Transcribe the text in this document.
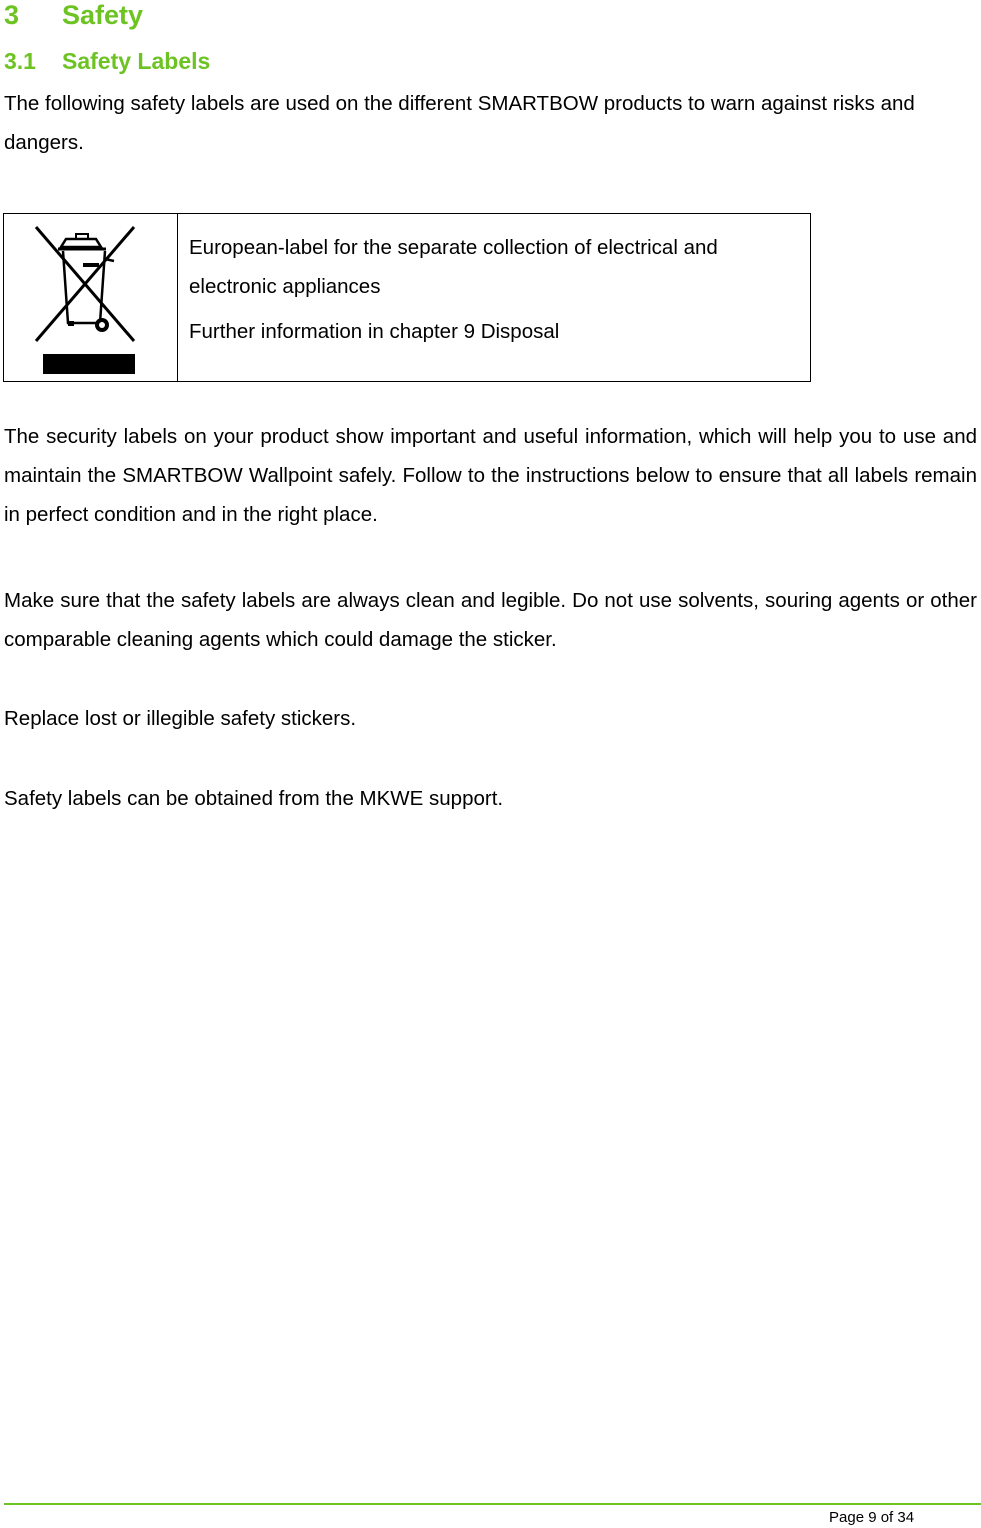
3 Safety
3.1 Safety Labels

The following safety labels are used on the different SMARTBOW products to warn against risks and dangers.

European-label for the separate collection of electrical and electronic appliances
Further information in chapter 9 Disposal

The security labels on your product show important and useful information, which will help you to use and maintain the SMARTBOW Wallpoint safely. Follow to the instructions below to ensure that all labels remain in perfect condition and in the right place.

Make sure that the safety labels are always clean and legible. Do not use solvents, souring agents or other comparable cleaning agents which could damage the sticker.

Replace lost or illegible safety stickers.

Safety labels can be obtained from the MKWE support.

Page 9 of 34
